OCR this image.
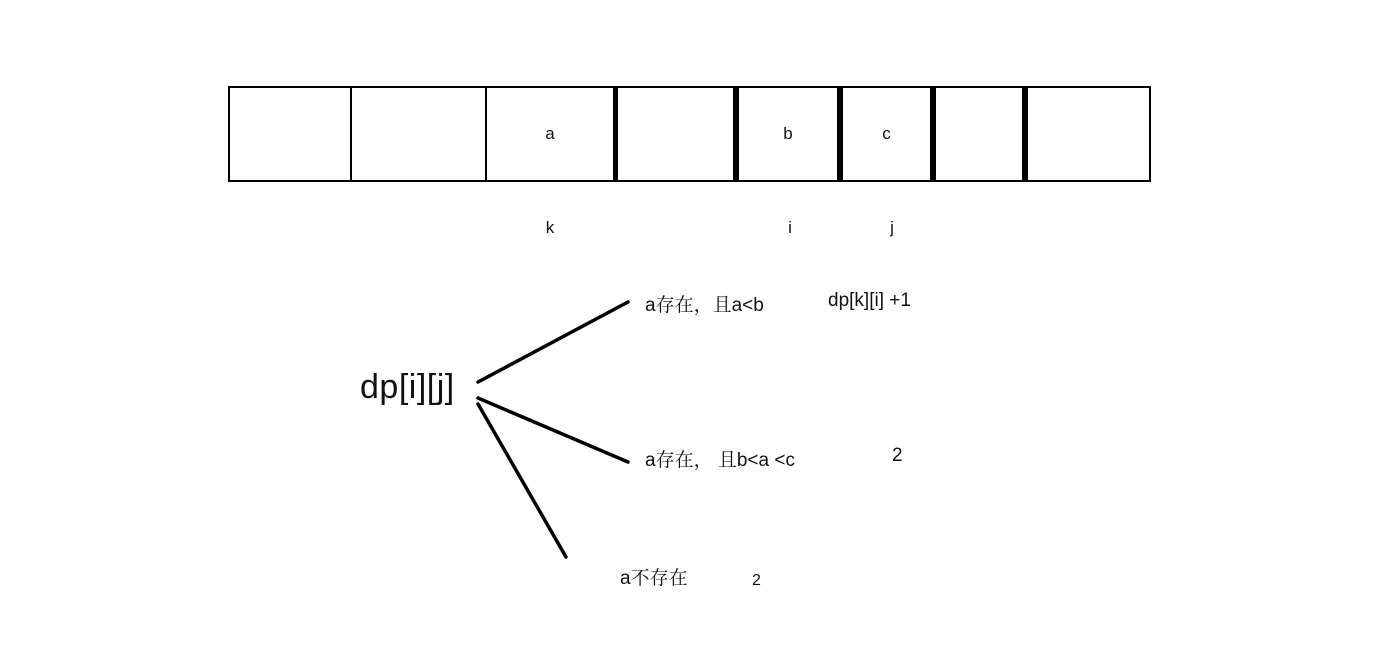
a	b	c
k	i	j
dp[i][j]
a存在，且a<b	dp[k][i] +1
a存在， 且b<a <c	2
a不存在	2
